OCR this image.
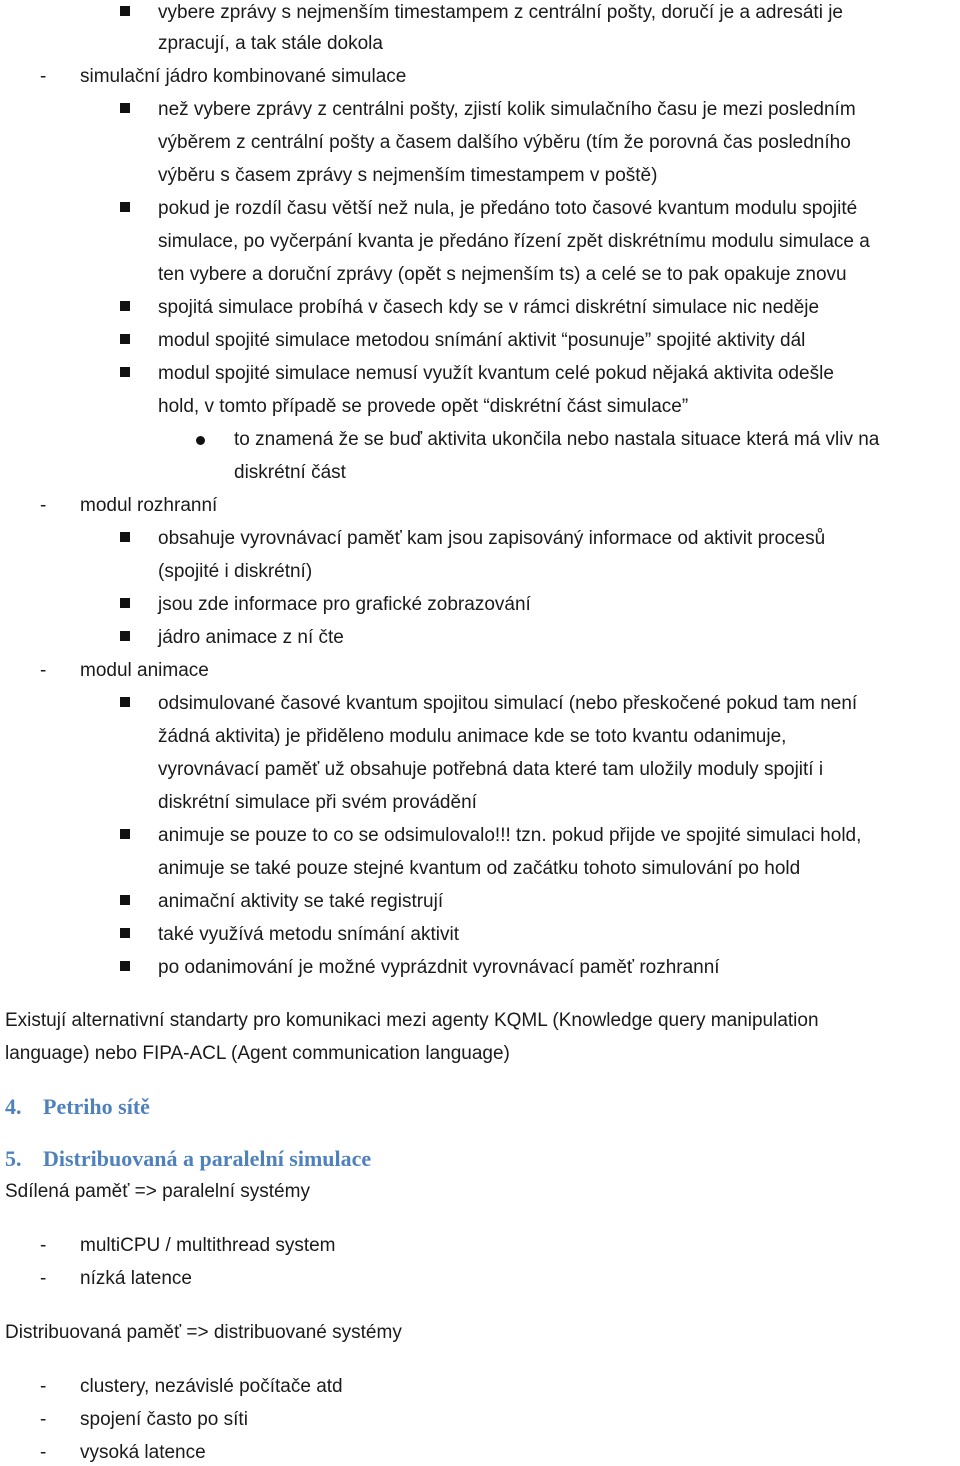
vybere zprávy s nejmenším timestampem z centrální pošty, doručí je a adresáti je
zpracují, a tak stále dokola
- simulační jádro kombinované simulace
než vybere zprávy z centrálni pošty, zjistí kolik simulačního času je mezi posledním
výběrem z centrální pošty a časem dalšího výběru (tím že porovná čas posledního
výběru s časem zprávy s nejmenším timestampem v poště)
pokud je rozdíl času větší než nula, je předáno toto časové kvantum modulu spojité
simulace, po vyčerpání kvanta je předáno řízení zpět diskrétnímu modulu simulace a
ten vybere a doruční zprávy (opět s nejmenším ts) a celé se to pak opakuje znovu
spojitá simulace probíhá v časech kdy se v rámci diskrétní simulace nic neděje
modul spojité simulace metodou snímání aktivit “posunuje” spojité aktivity dál
modul spojité simulace nemusí využít kvantum celé pokud nějaká aktivita odešle
hold, v tomto případě se provede opět “diskrétní část simulace”
to znamená že se buď aktivita ukončila nebo nastala situace která má vliv na
diskrétní část
- modul rozhranní
obsahuje vyrovnávací paměť kam jsou zapisováný informace od aktivit procesů
(spojité i diskrétní)
jsou zde informace pro grafické zobrazování
jádro animace z ní čte
- modul animace
odsimulované časové kvantum spojitou simulací (nebo přeskočené pokud tam není
žádná aktivita) je přiděleno modulu animace kde se toto kvantu odanimuje,
vyrovnávací paměť už obsahuje potřebná data které tam uložily moduly spojití i
diskrétní simulace při svém provádění
animuje se pouze to co se odsimulovalo!!! tzn. pokud přijde ve spojité simulaci hold,
animuje se také pouze stejné kvantum od začátku tohoto simulování po hold
animační aktivity se také registrují
také využívá metodu snímání aktivit
po odanimování je možné vyprázdnit vyrovnávací paměť rozhranní
Existují alternativní standarty pro komunikaci mezi agenty KQML (Knowledge query manipulation
language) nebo FIPA-ACL (Agent communication language)
4. Petriho sítě
5. Distribuovaná a paralelní simulace
Sdílená paměť => paralelní systémy
- multiCPU / multithread system
- nízká latence
Distribuovaná paměť => distribuované systémy
- clustery, nezávislé počítače atd
- spojení často po síti
- vysoká latence
